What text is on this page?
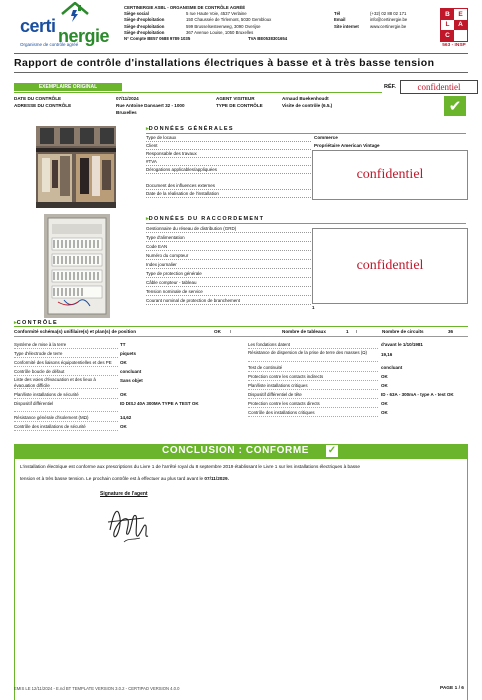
certi nergie
Organisme de contrôle agréé
CERTINERGIE ASBL - ORGANISME DE CONTRÔLE AGRÉÉ
Siège social	5 rue Haute Voie, 4537 Verlaine	Tél	(+32) 02 88 02 171
Siège d'exploitation	150 Chaussée de Tirlemont, 5030 Gembloux	Email	info@certinergie.be
Siège d'exploitation	599 Brusselsesteenweg, 3090 Overijse	Site internet	www.certinergie.be
Siège d'exploitation	367 Avenue Louise, 1050 Bruxelles
N° Compte BE57 0688 9789 1035	TVA BE0538301654
B	E
L	A
C
563 - INSP
Rapport de contrôle d'installations électriques à basse et à très basse tension
EXEMPLAIRE ORIGINAL	RÉF. confidentiel
DATE DU CONTRÔLE	07/11/2024	AGENT VISITEUR	Arnaud Buekenhoudt
ADRESSE DU CONTRÔLE	Rue Antoine Dansaert 32 - 1000
Bruxelles
TYPE DE CONTRÔLE	Visite de contrôle (6.5.)	✔
▸ DONNÉES GÉNÉRALES
Type de locaux	Commerce
Client	Propriétaire American Vintage
Responsable des travaux
#TVA
Dérogations applicables/appliquées
Document des influences externes
Date de la réalisation de l'installation
confidentiel
▸ DONNÉES DU RACCORDEMENT
Gestionnaire du réseau de distribution (GRD)
Type d'alimentation
Code EAN
Numéro du compteur
Index journalier
Type de protection générale
Câble compteur - tableau
Tension nominale de service
Courant nominal de protection de branchement
confidentiel
1
▸ CONTRÔLE
Conformité schéma(s) unifilaire(s) et plan(s) de position	OK I	Nombre de tableaux	1 I	Nombre de circuits	36
Système de mise à la terre	TT
Type d'électrode de terre	piquets
Conformité des liaisons équipotentielles et des PE	OK
Contrôle boucle de défaut	concluant
Liste des voies d'évacuation et des lieux à évacuation difficile
Sans objet
Plan/liste installations de sécurité	OK
Dispositif différentiel	ID DISJ 40A 300MA TYPE A TEST OK
Résistance générale d'isolement (MΩ)	14,62
Contrôle des installations de sécurité	OK
Les fondations datent	d'avant le 1/10/1981
Résistance de dispersion de la prise de terre des masses (Ω)	19,16
Test de continuité	concluant
Protection contre les contacts indirects	OK
Plan/liste installations critiques	OK
Dispositif différentiel de tête	ID - 63A - 300mA - type A - test OK
Protection contre les contacts directs	OK
Contrôle des installations critiques	OK
CONCLUSION : CONFORME ✓
L'installation électrique est conforme aux prescriptions du Livre 1 de l'arrêté royal du 8 septembre 2019 établissant le Livre 1 sur les installations électriques à basse
tension et à très basse tension. Le prochain contrôle est à effectuer au plus tard avant le 07/11/2029.
Signature de l'agent
EMIS LE 12/11/2024 - E.nd BT TEMPLATE VERSION 3.0.2 - CERTIPAD VERSION 4.0.0	PAGE 1 / 6
